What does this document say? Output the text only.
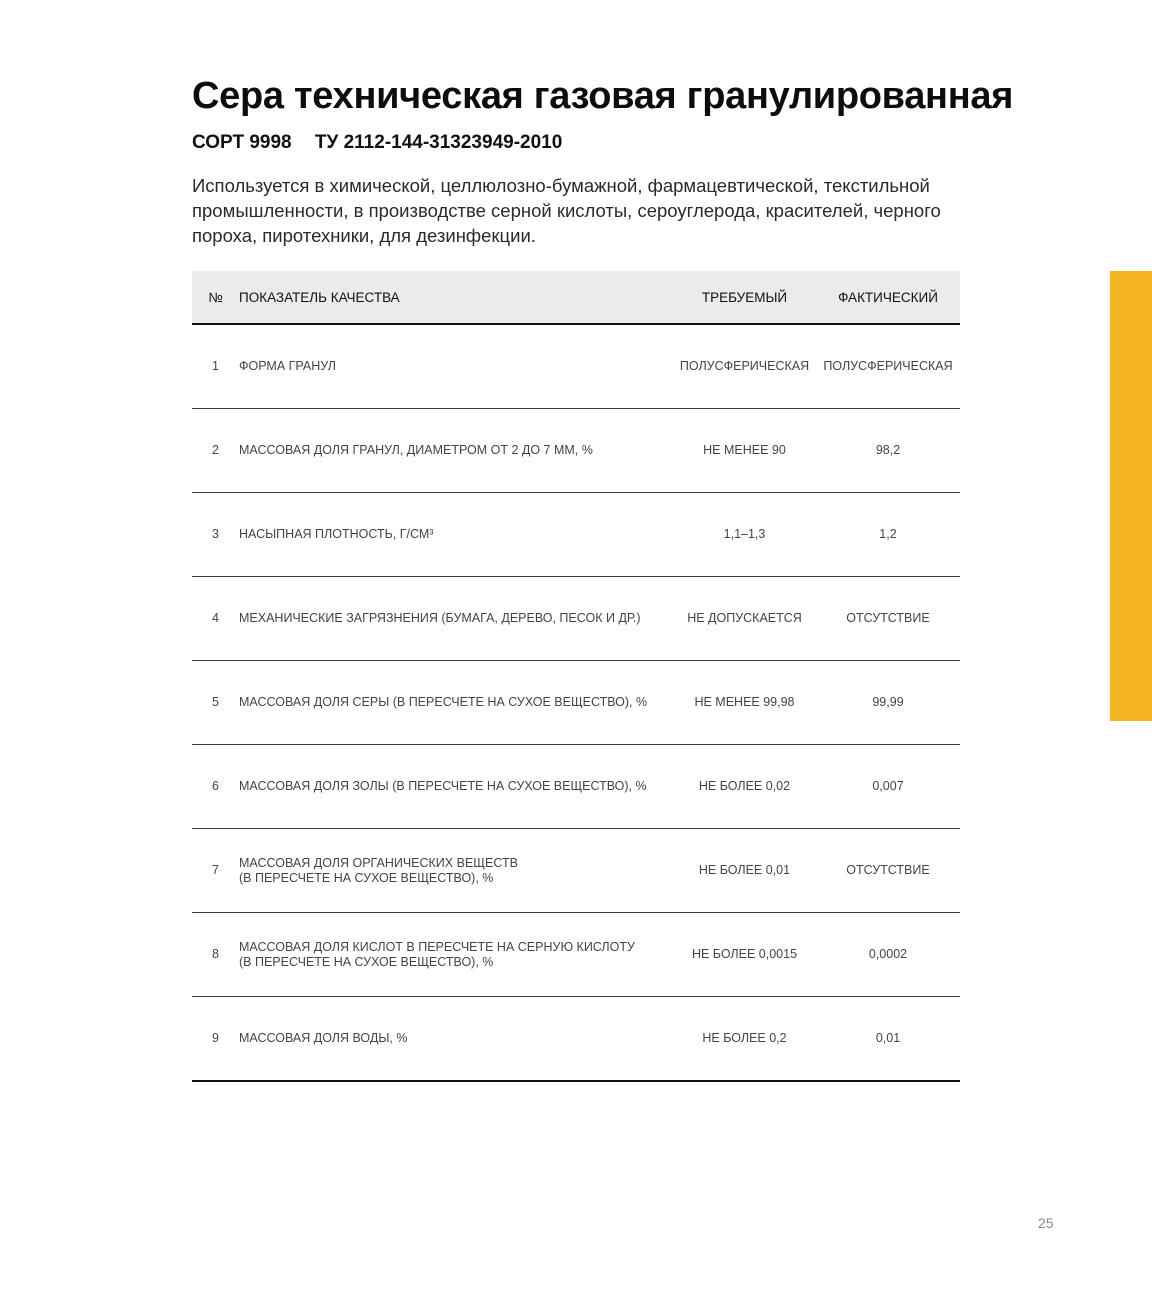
Сера техническая газовая гранулированная
СОРТ 9998 ТУ 2112-144-31323949-2010

Используется в химической, целлюлозно-бумажной, фармацевтической, текстильной промышленности, в производстве серной кислоты, сероуглерода, красителей, черного пороха, пиротехники, для дезинфекции.

№	ПОКАЗАТЕЛЬ КАЧЕСТВА	ТРЕБУЕМЫЙ	ФАКТИЧЕСКИЙ
1	ФОРМА ГРАНУЛ	ПОЛУСФЕРИЧЕСКАЯ	ПОЛУСФЕРИЧЕСКАЯ
2	МАССОВАЯ ДОЛЯ ГРАНУЛ, ДИАМЕТРОМ ОТ 2 ДО 7 ММ, %	НЕ МЕНЕЕ 90	98,2
3	НАСЫПНАЯ ПЛОТНОСТЬ, Г/СМ³	1,1–1,3	1,2
4	МЕХАНИЧЕСКИЕ ЗАГРЯЗНЕНИЯ (БУМАГА, ДЕРЕВО, ПЕСОК И ДР.)	НЕ ДОПУСКАЕТСЯ	ОТСУТСТВИЕ
5	МАССОВАЯ ДОЛЯ СЕРЫ (В ПЕРЕСЧЕТЕ НА СУХОЕ ВЕЩЕСТВО), %	НЕ МЕНЕЕ 99,98	99,99
6	МАССОВАЯ ДОЛЯ ЗОЛЫ (В ПЕРЕСЧЕТЕ НА СУХОЕ ВЕЩЕСТВО), %	НЕ БОЛЕЕ 0,02	0,007
7	МАССОВАЯ ДОЛЯ ОРГАНИЧЕСКИХ ВЕЩЕСТВ
(В ПЕРЕСЧЕТЕ НА СУХОЕ ВЕЩЕСТВО), %	НЕ БОЛЕЕ 0,01	ОТСУТСТВИЕ
8	МАССОВАЯ ДОЛЯ КИСЛОТ В ПЕРЕСЧЕТЕ НА СЕРНУЮ КИСЛОТУ
(В ПЕРЕСЧЕТЕ НА СУХОЕ ВЕЩЕСТВО), %	НЕ БОЛЕЕ 0,0015	0,0002
9	МАССОВАЯ ДОЛЯ ВОДЫ, %	НЕ БОЛЕЕ 0,2	0,01
25
